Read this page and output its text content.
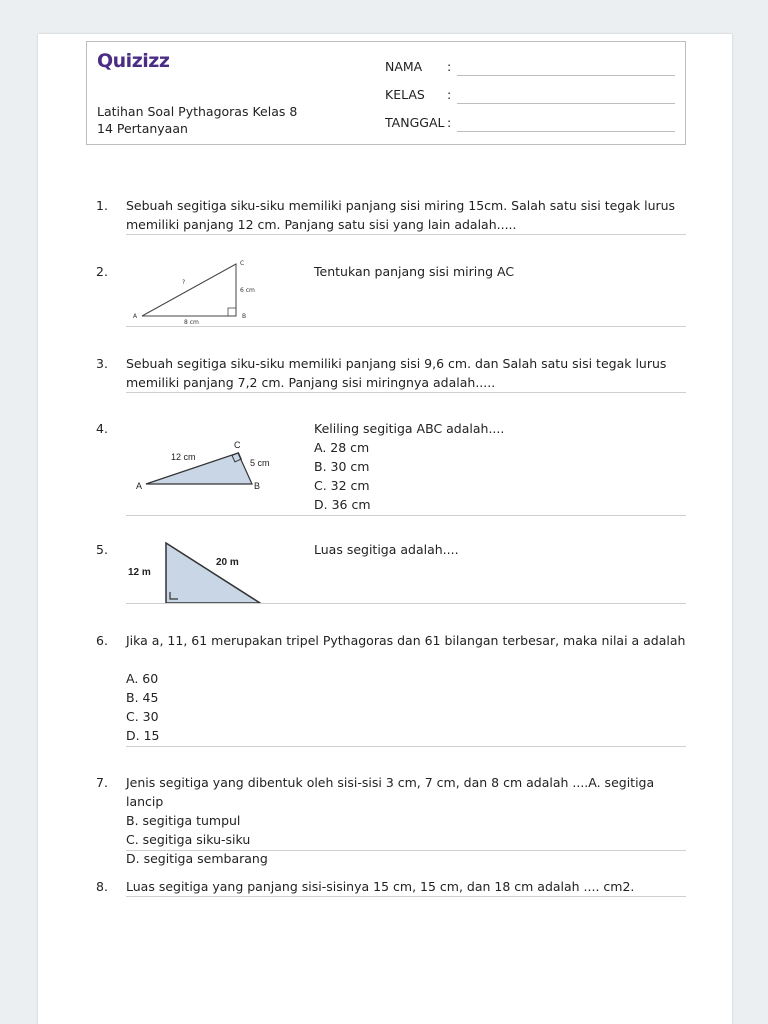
Quizizz
Latihan Soal Pythagoras Kelas 8
14 Pertanyaan
NAMA :
KELAS :
TANGGAL :
1. Sebuah segitiga siku-siku memiliki panjang sisi miring 15cm. Salah satu sisi tegak lurus
memiliki panjang 12 cm. Panjang satu sisi yang lain adalah.....
2.
A	B
C
?
6 cm
8 cm
Tentukan panjang sisi miring AC
3. Sebuah segitiga siku-siku memiliki panjang sisi 9,6 cm. dan Salah satu sisi tegak lurus
memiliki panjang 7,2 cm. Panjang sisi miringnya adalah.....
4.
A	B
C
12 cm
5 cm
Keliling segitiga ABC adalah....
A. 28 cm
B. 30 cm
C. 32 cm
D. 36 cm
5.
12 m
20 m
Luas segitiga adalah....
6. Jika a, 11, 61 merupakan tripel Pythagoras dan 61 bilangan terbesar, maka nilai a adalah
A. 60
B. 45
C. 30
D. 15
7. Jenis segitiga yang dibentuk oleh sisi-sisi 3 cm, 7 cm, dan 8 cm adalah ....A. segitiga lancip
B. segitiga tumpul
C. segitiga siku-siku
D. segitiga sembarang
8. Luas segitiga yang panjang sisi-sisinya 15 cm, 15 cm, dan 18 cm adalah .... cm2.
